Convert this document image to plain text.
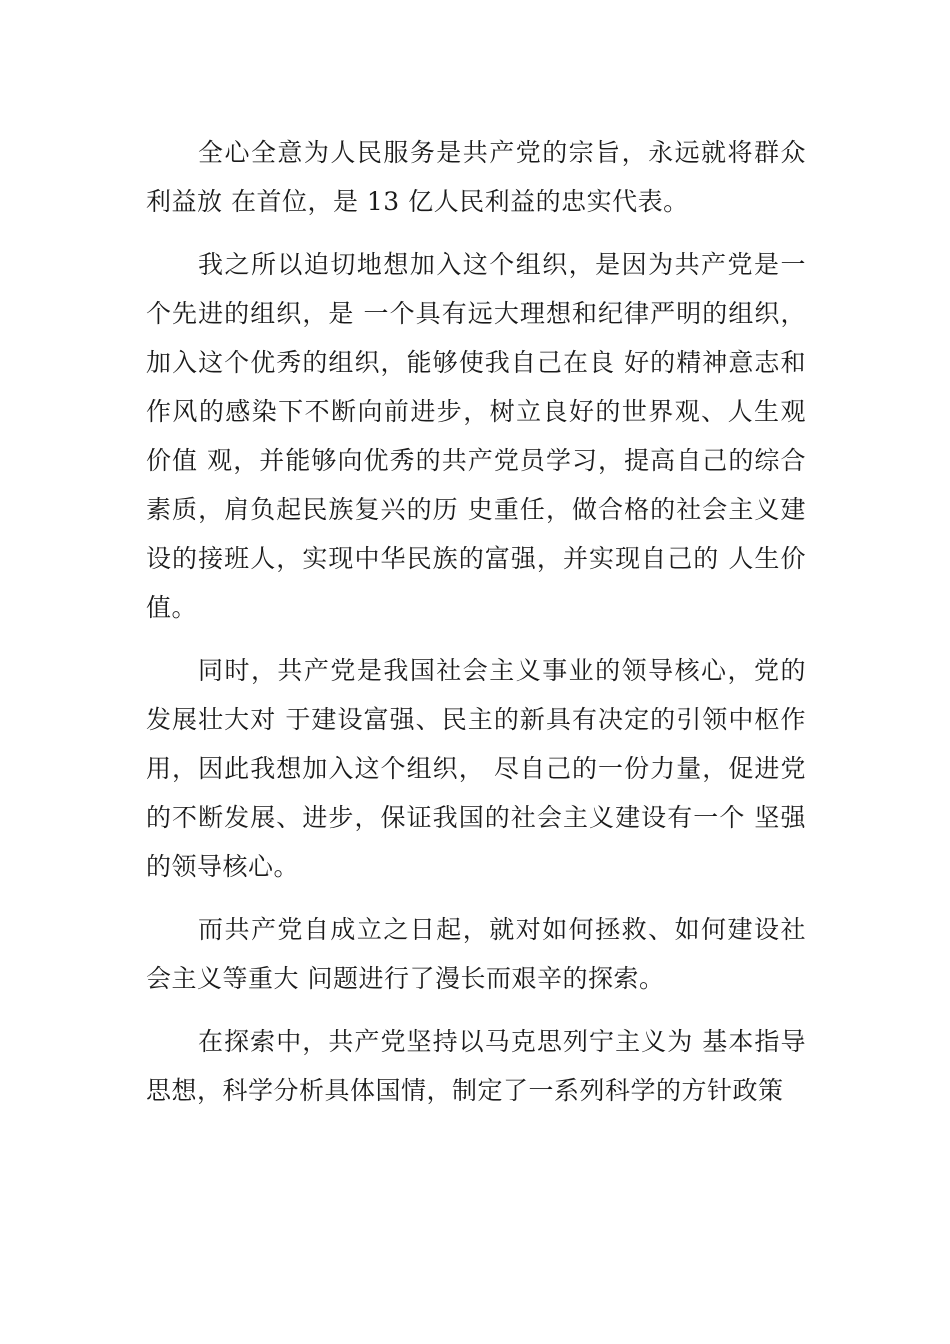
全心全意为人民服务是共产党的宗旨，永远就将群众利益放 在首位，是 13 亿人民利益的忠实代表。

我之所以迫切地想加入这个组织，是因为共产党是一个先进的组织，是 一个具有远大理想和纪律严明的组织，加入这个优秀的组织，能够使我自己在良 好的精神意志和作风的感染下不断向前进步，树立良好的世界观、人生观价值 观，并能够向优秀的共产党员学习，提高自己的综合素质，肩负起民族复兴的历 史重任，做合格的社会主义建设的接班人，实现中华民族的富强，并实现自己的 人生价值。

同时，共产党是我国社会主义事业的领导核心，党的发展壮大对 于建设富强、民主的新具有决定的引领中枢作用，因此我想加入这个组织， 尽自己的一份力量，促进党的不断发展、进步，保证我国的社会主义建设有一个 坚强的领导核心。

而共产党自成立之日起，就对如何拯救、如何建设社会主义等重大 问题进行了漫长而艰辛的探索。

在探索中，共产党坚持以马克思列宁主义为 基本指导思想，科学分析具体国情，制定了一系列科学的方针政策
